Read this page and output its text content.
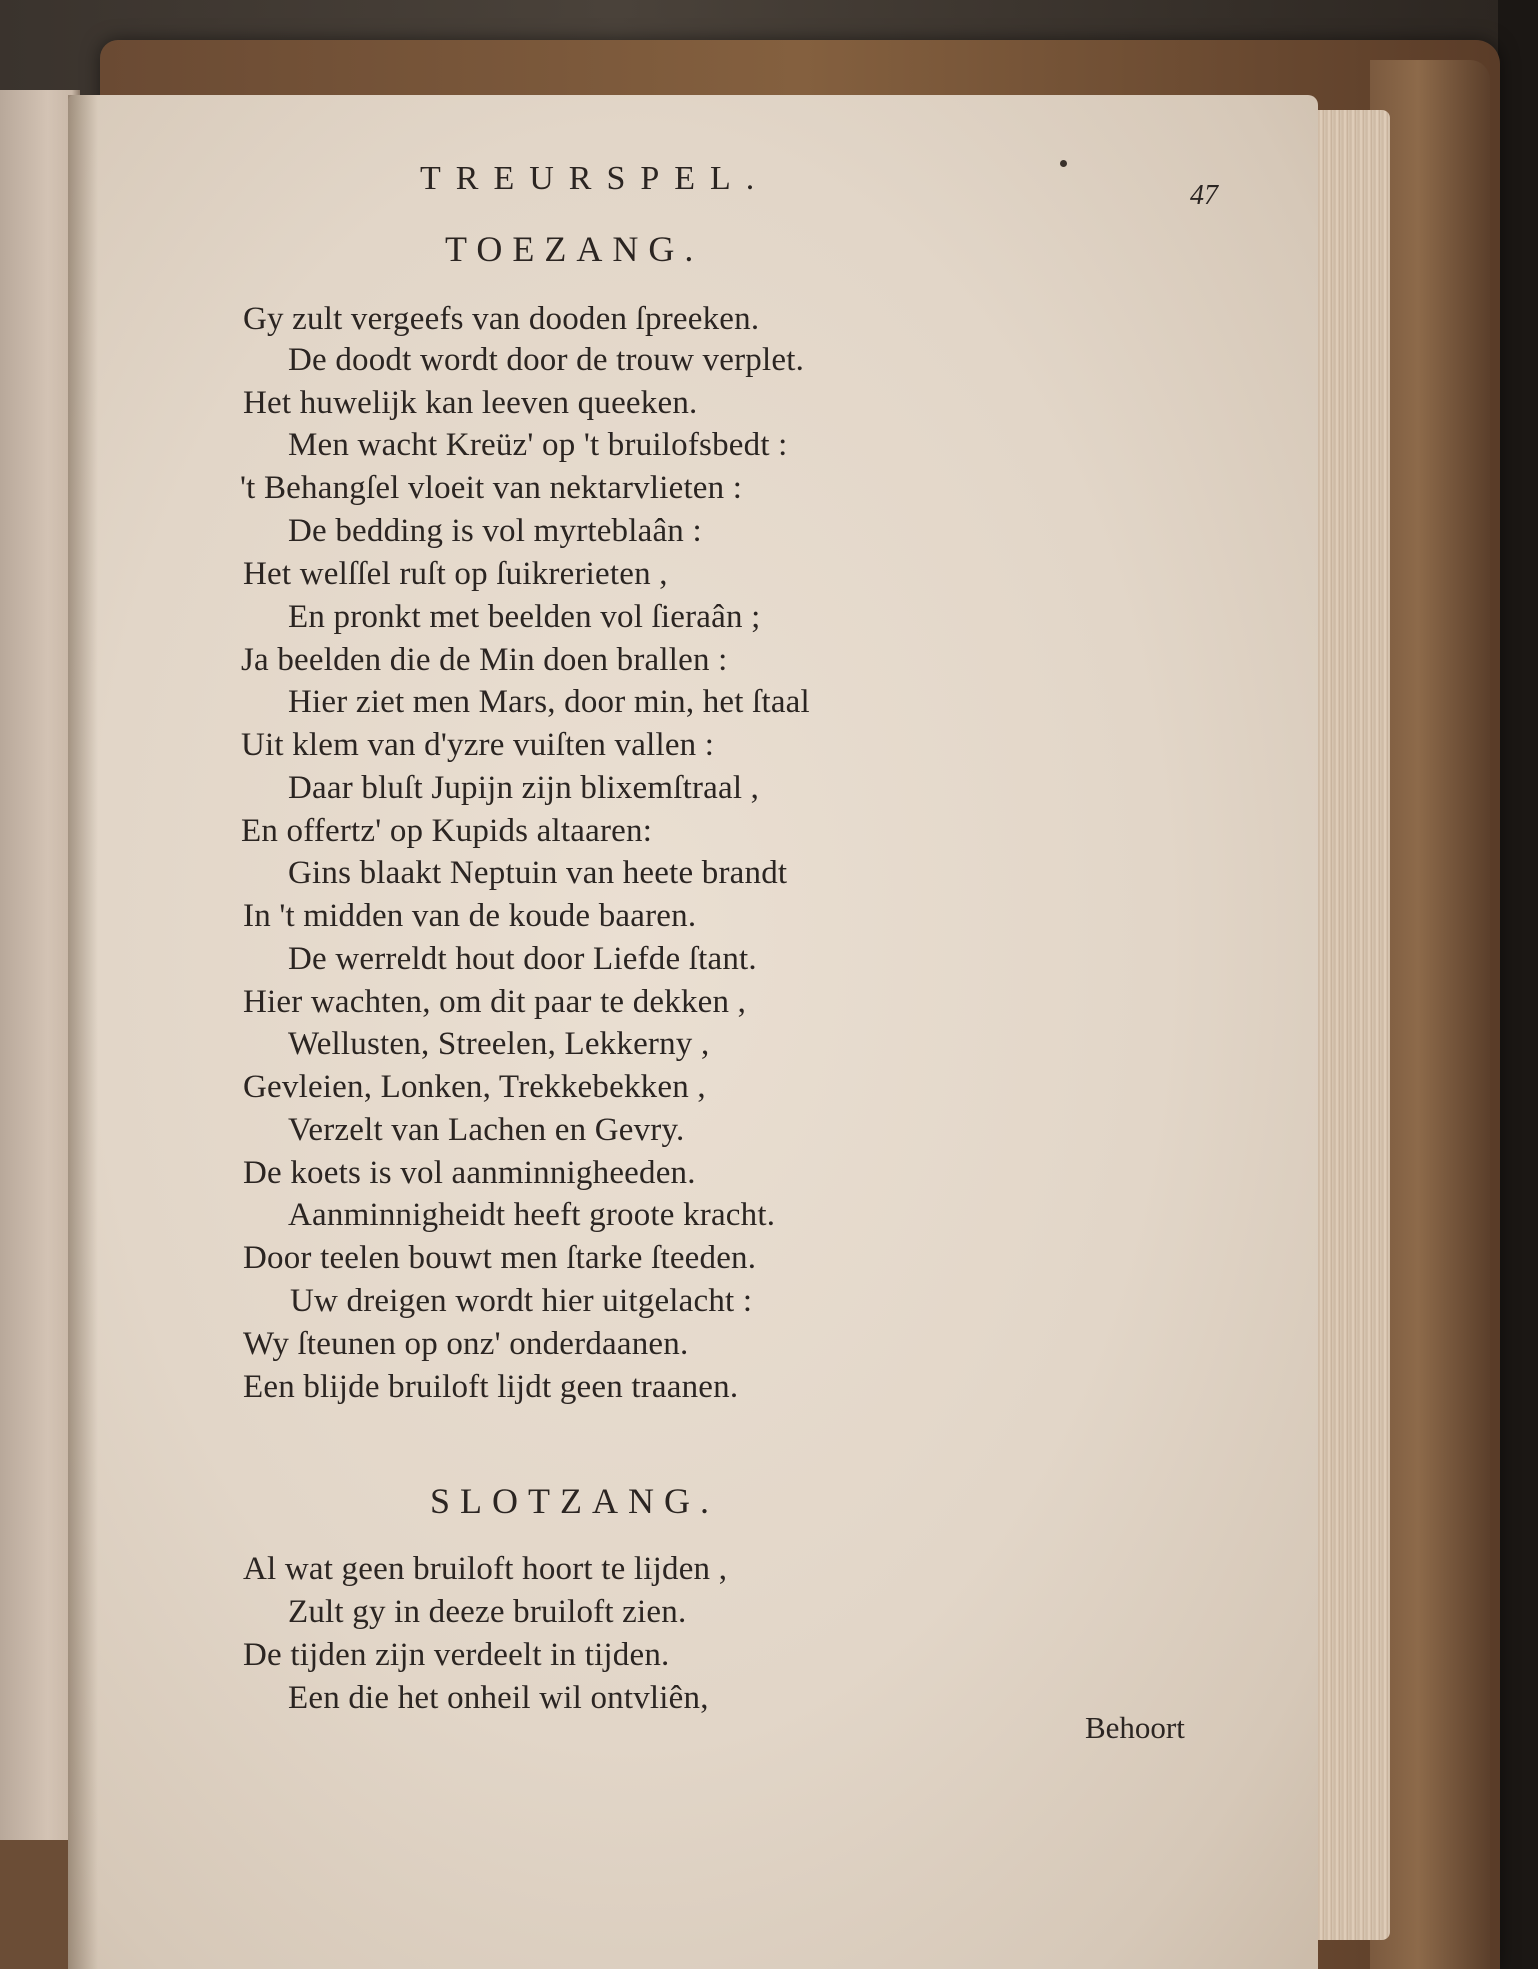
TREURSPEL.	47
TOEZANG.
Gy zult vergeefs van dooden ſpreeken.
De doodt wordt door de trouw verplet.
Het huwelijk kan leeven queeken.
Men wacht Kreüz' op 't bruilofsbedt :
't Behangſel vloeit van nektarvlieten :
De bedding is vol myrteblaân :
Het welſſel ruſt op ſuikrerieten ,
En pronkt met beelden vol ſieraân ;
Ja beelden die de Min doen brallen :
Hier ziet men Mars, door min, het ſtaal
Uit klem van d'yzre vuiſten vallen :
Daar bluſt Jupijn zijn blixemſtraal ,
En offertz' op Kupids altaaren:
Gins blaakt Neptuin van heete brandt
In 't midden van de koude baaren.
De werreldt hout door Liefde ſtant.
Hier wachten, om dit paar te dekken ,
Wellusten, Streelen, Lekkerny ,
Gevleien, Lonken, Trekkebekken ,
Verzelt van Lachen en Gevry.
De koets is vol aanminnigheeden.
Aanminnigheidt heeft groote kracht.
Door teelen bouwt men ſtarke ſteeden.
Uw dreigen wordt hier uitgelacht :
Wy ſteunen op onz' onderdaanen.
Een blijde bruiloft lijdt geen traanen.
SLOTZANG.
Al wat geen bruiloft hoort te lijden ,
Zult gy in deeze bruiloft zien.
De tijden zijn verdeelt in tijden.
Een die het onheil wil ontvliên,
Behoort
